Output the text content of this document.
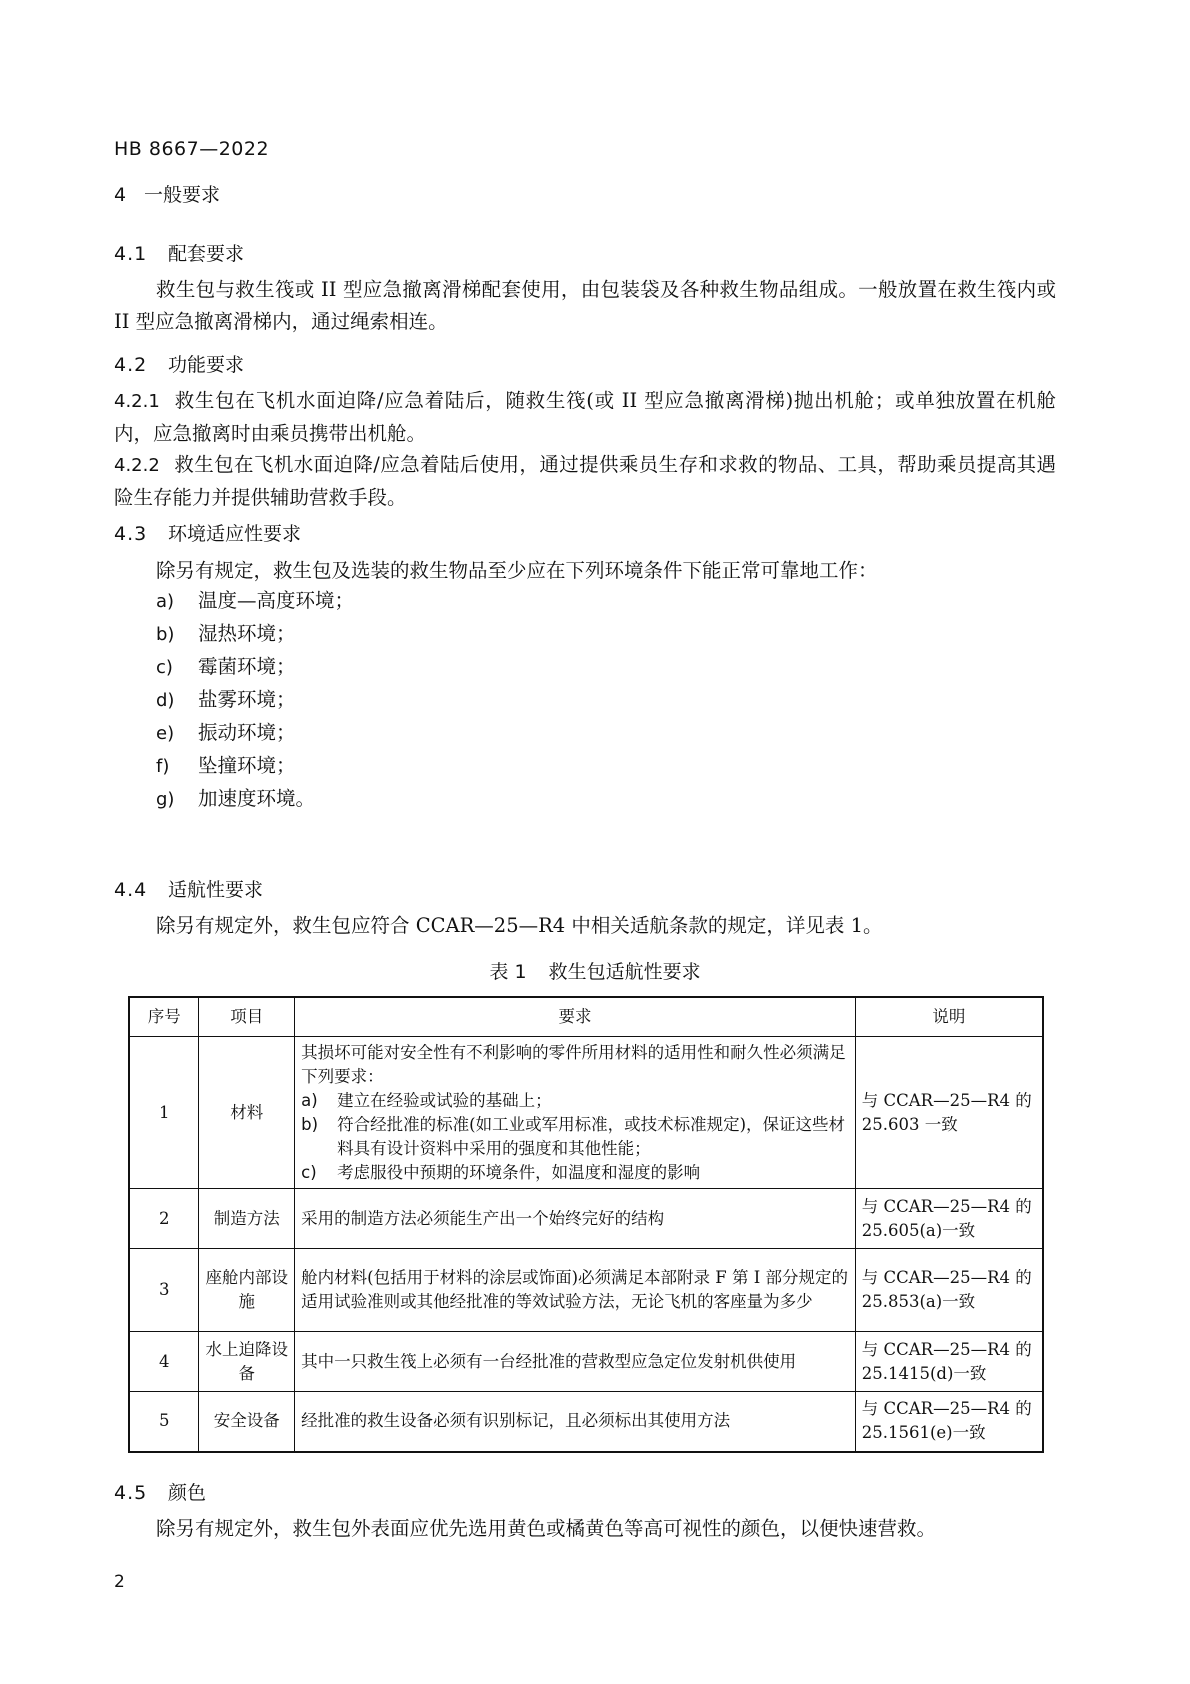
HB 8667—2022
4 一般要求
4.1 配套要求
救生包与救生筏或 II 型应急撤离滑梯配套使用，由包装袋及各种救生物品组成。一般放置在救生筏内或 II 型应急撤离滑梯内，通过绳索相连。
4.2 功能要求
4.2.1 救生包在飞机水面迫降/应急着陆后，随救生筏(或 II 型应急撤离滑梯)抛出机舱；或单独放置在机舱内，应急撤离时由乘员携带出机舱。
4.2.2 救生包在飞机水面迫降/应急着陆后使用，通过提供乘员生存和求救的物品、工具，帮助乘员提高其遇险生存能力并提供辅助营救手段。
4.3 环境适应性要求
除另有规定，救生包及选装的救生物品至少应在下列环境条件下能正常可靠地工作：
a) 温度—高度环境；
b) 湿热环境；
c) 霉菌环境；
d) 盐雾环境；
e) 振动环境；
f) 坠撞环境；
g) 加速度环境。
4.4 适航性要求
除另有规定外，救生包应符合 CCAR—25—R4 中相关适航条款的规定，详见表 1。
表 1 救生包适航性要求
序号	项目	要求	说明
1	材料	其损坏可能对安全性有不利影响的零件所用材料的适用性和耐久性必须满足下列要求：
a) 建立在经验或试验的基础上；
b) 符合经批准的标准(如工业或军用标准，或技术标准规定)，保证这些材料具有设计资料中采用的强度和其他性能；
c) 考虑服役中预期的环境条件，如温度和湿度的影响	与 CCAR—25—R4 的 25.603 一致
2	制造方法	采用的制造方法必须能生产出一个始终完好的结构	与 CCAR—25—R4 的 25.605(a)一致
3	座舱内部设施	舱内材料(包括用于材料的涂层或饰面)必须满足本部附录 F 第 I 部分规定的适用试验准则或其他经批准的等效试验方法，无论飞机的客座量为多少	与 CCAR—25—R4 的 25.853(a)一致
4	水上迫降设备	其中一只救生筏上必须有一台经批准的营救型应急定位发射机供使用	与 CCAR—25—R4 的 25.1415(d)一致
5	安全设备	经批准的救生设备必须有识别标记，且必须标出其使用方法	与 CCAR—25—R4 的 25.1561(e)一致
4.5 颜色
除另有规定外，救生包外表面应优先选用黄色或橘黄色等高可视性的颜色，以便快速营救。
2
